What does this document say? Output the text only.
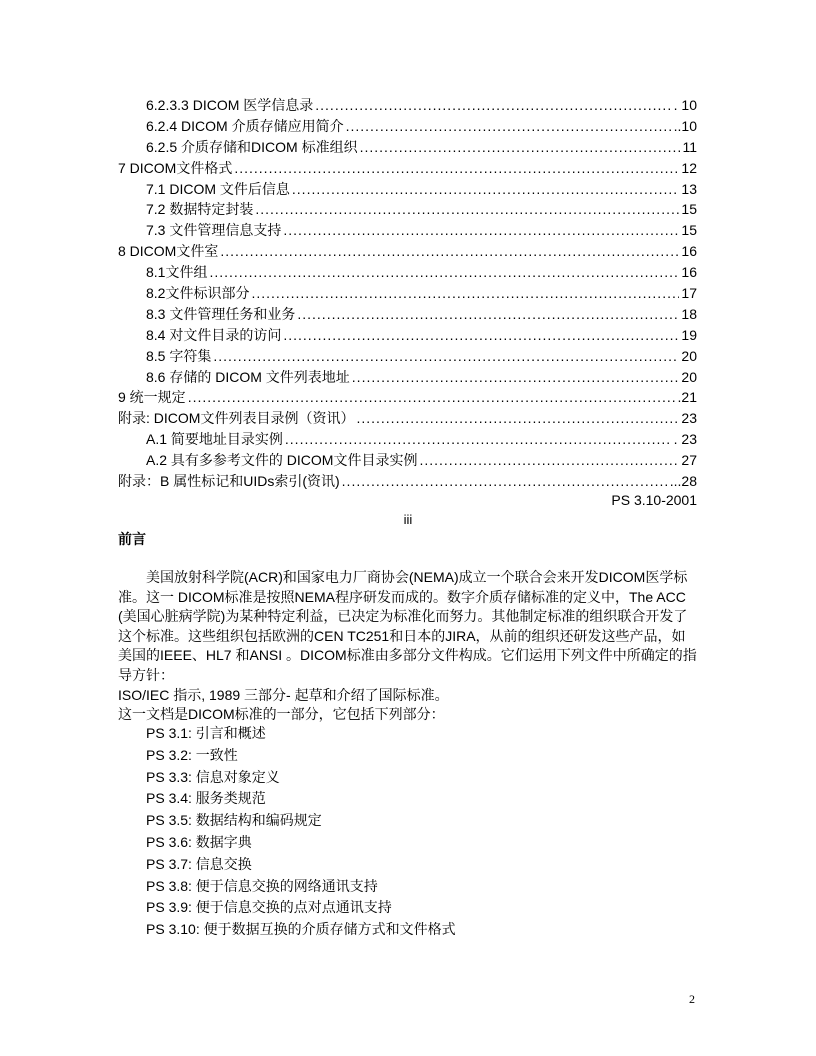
6.2.3.3 DICOM 医学信息录 .....	. 10
6.2.4 DICOM 介质存储应用简介 .....	..10
6.2.5 介质存储和DICOM 标准组织 .....	11
7 DICOM文件格式 .....	12
7.1 DICOM 文件后信息 .....	13
7.2 数据特定封装 .....	15
7.3 文件管理信息支持 .....	15
8 DICOM文件室 .....	16
8.1文件组 .....	16
8.2文件标识部分 .....	17
8.3 文件管理任务和业务 .....	18
8.4 对文件目录的访问 .....	19
8.5 字符集 .....	20
8.6 存储的 DICOM 文件列表地址 .....	20
9 统一规定 .....	.21
附录: DICOM文件列表目录例（资讯） .....	23
A.1 简要地址目录实例 .....	. 23
A.2 具有多参考文件的 DICOM文件目录实例 .....	27
附录：B 属性标记和UIDs索引(资讯) .....	...28
PS 3.10-2001
iii
前言

美国放射科学院(ACR)和国家电力厂商协会(NEMA)成立一个联合会来开发DICOM医学标准。这一 DICOM标准是按照NEMA程序研发而成的。数字介质存储标准的定义中，The ACC (美国心脏病学院)为某种特定利益，已决定为标准化而努力。其他制定标准的组织联合开发了这个标准。这些组织包括欧洲的CEN TC251和日本的JIRA，从前的组织还研发这些产品，如美国的IEEE、HL7 和ANSI 。DICOM标准由多部分文件构成。它们运用下列文件中所确定的指导方针：

ISO/IEC 指示, 1989 三部分- 起草和介绍了国际标准。

这一文档是DICOM标准的一部分，它包括下列部分：

PS 3.1: 引言和概述
PS 3.2: 一致性
PS 3.3: 信息对象定义
PS 3.4: 服务类规范
PS 3.5: 数据结构和编码规定
PS 3.6: 数据字典
PS 3.7: 信息交换
PS 3.8: 便于信息交换的网络通讯支持
PS 3.9: 便于信息交换的点对点通讯支持
PS 3.10: 便于数据互换的介质存储方式和文件格式
2
